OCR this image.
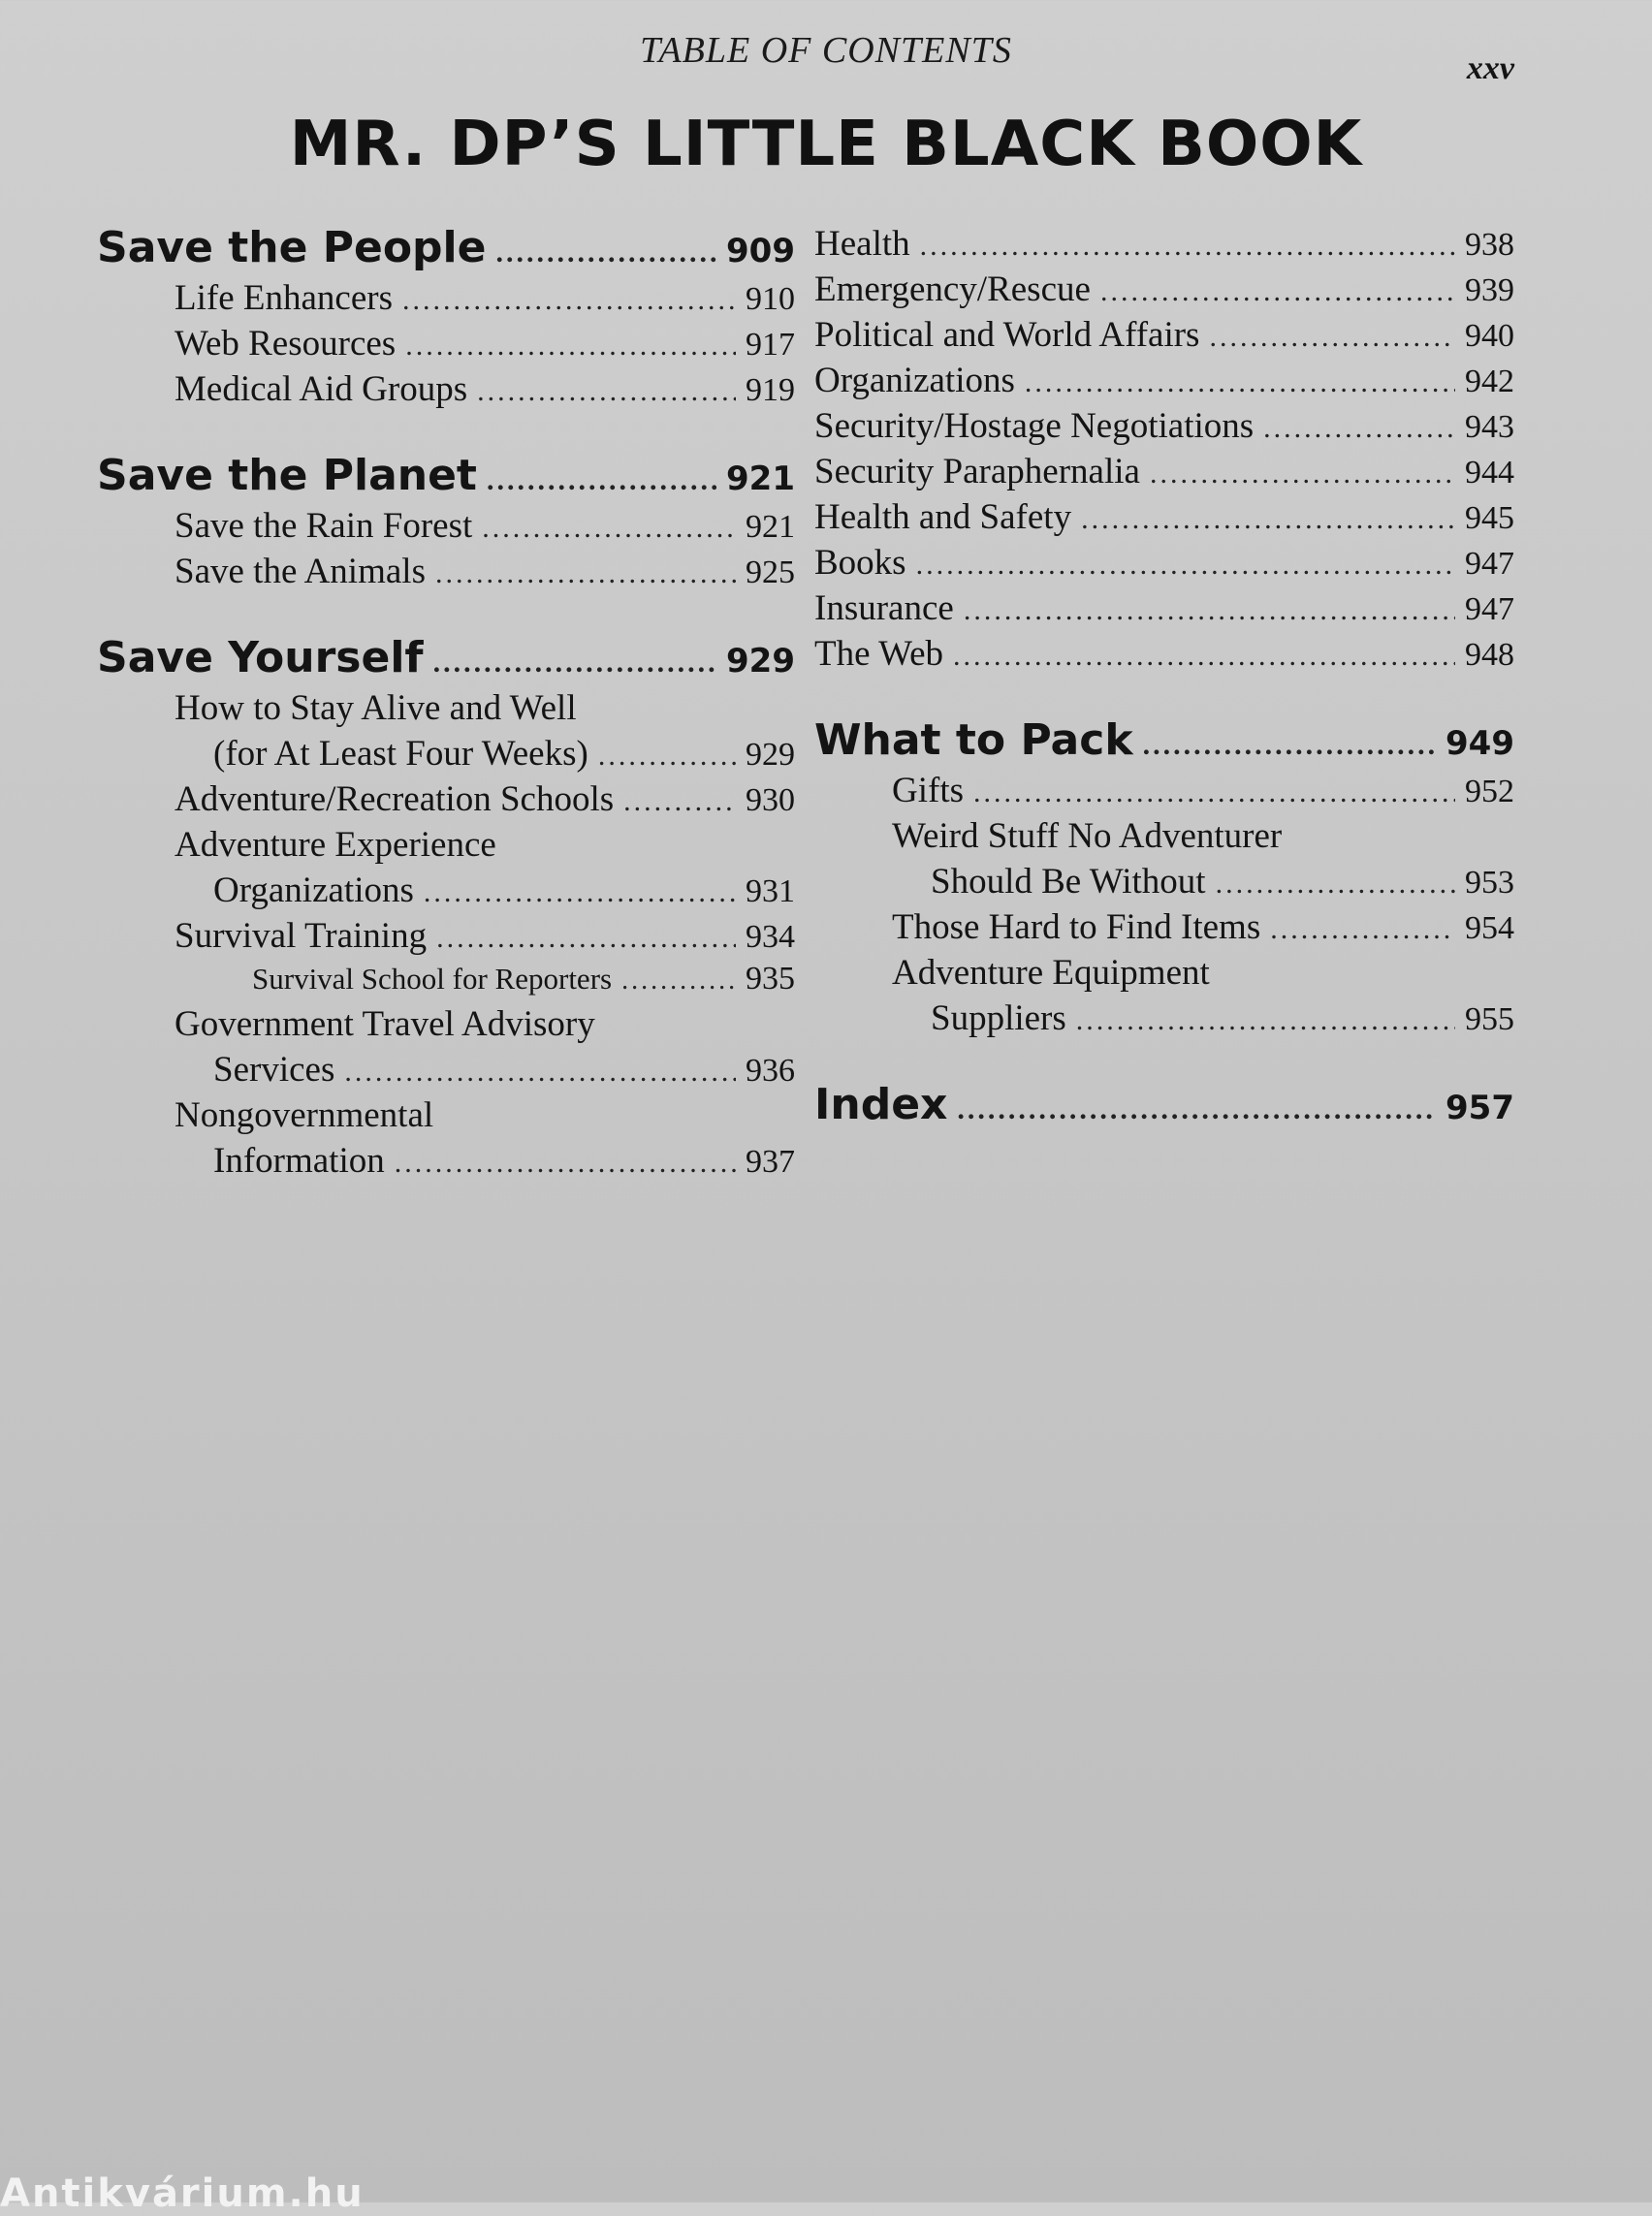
TABLE OF CONTENTS	xxv
MR. DP’S LITTLE BLACK BOOK
Save the People .....	909
Life Enhancers .....	910
Web Resources .....	917
Medical Aid Groups .....	919
Save the Planet .....	921
Save the Rain Forest .....	921
Save the Animals .....	925
Save Yourself .....	929
How to Stay Alive and Well
(for At Least Four Weeks) .....	929
Adventure/Recreation Schools .....	930
Adventure Experience
Organizations .....	931
Survival Training .....	934
Survival School for Reporters .....	935
Government Travel Advisory
Services .....	936
Nongovernmental
Information .....	937
Health .....	938
Emergency/Rescue .....	939
Political and World Affairs .....	940
Organizations .....	942
Security/Hostage Negotiations .....	943
Security Paraphernalia .....	944
Health and Safety .....	945
Books .....	947
Insurance .....	947
The Web .....	948
What to Pack .....	949
Gifts .....	952
Weird Stuff No Adventurer
Should Be Without .....	953
Those Hard to Find Items .....	954
Adventure Equipment
Suppliers .....	955
Index .....	957
Antikvárium.hu
